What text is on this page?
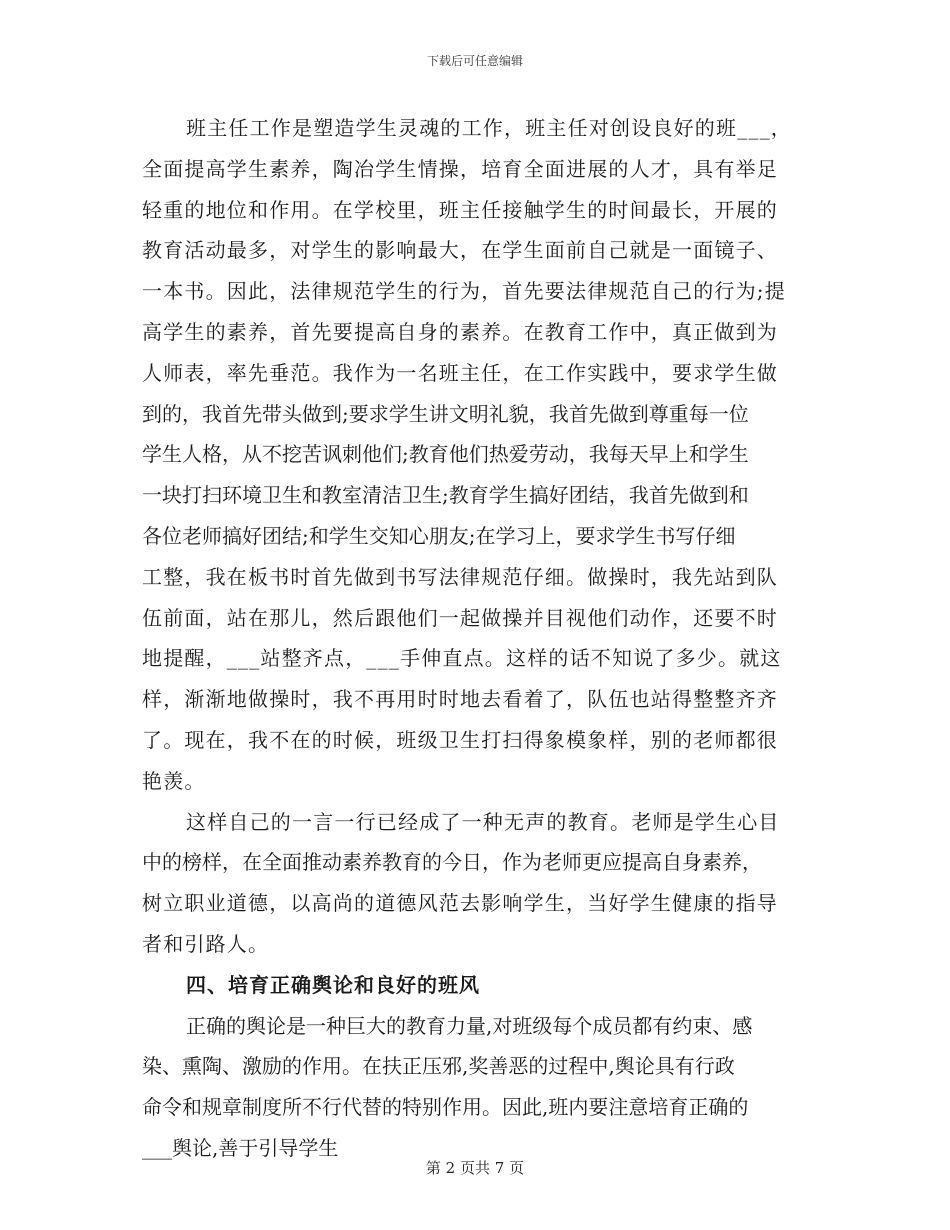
下载后可任意编辑
班主任工作是塑造学生灵魂的工作，班主任对创设良好的班___，
全面提高学生素养，陶冶学生情操，培育全面进展的人才，具有举足
轻重的地位和作用。在学校里，班主任接触学生的时间最长，开展的
教育活动最多，对学生的影响最大，在学生面前自己就是一面镜子、
一本书。因此，法律规范学生的行为，首先要法律规范自己的行为;提
高学生的素养，首先要提高自身的素养。在教育工作中，真正做到为
人师表，率先垂范。我作为一名班主任，在工作实践中，要求学生做
到的，我首先带头做到;要求学生讲文明礼貌，我首先做到尊重每一位
学生人格，从不挖苦讽刺他们;教育他们热爱劳动，我每天早上和学生
一块打扫环境卫生和教室清洁卫生;教育学生搞好团结，我首先做到和
各位老师搞好团结;和学生交知心朋友;在学习上，要求学生书写仔细
工整，我在板书时首先做到书写法律规范仔细。做操时，我先站到队
伍前面，站在那儿，然后跟他们一起做操并目视他们动作，还要不时
地提醒，___站整齐点，___手伸直点。这样的话不知说了多少。就这
样，渐渐地做操时，我不再用时时地去看着了，队伍也站得整整齐齐
了。现在，我不在的时候，班级卫生打扫得象模象样，别的老师都很
艳羡。
这样自己的一言一行已经成了一种无声的教育。老师是学生心目
中的榜样，在全面推动素养教育的今日，作为老师更应提高自身素养，
树立职业道德，以高尚的道德风范去影响学生，当好学生健康的指导
者和引路人。
四、培育正确舆论和良好的班风
正确的舆论是一种巨大的教育力量,对班级每个成员都有约束、感
染、熏陶、激励的作用。在扶正压邪,奖善恶的过程中,舆论具有行政
命令和规章制度所不行代替的特别作用。因此,班内要注意培育正确的
___舆论,善于引导学生
第 2 页共 7 页
